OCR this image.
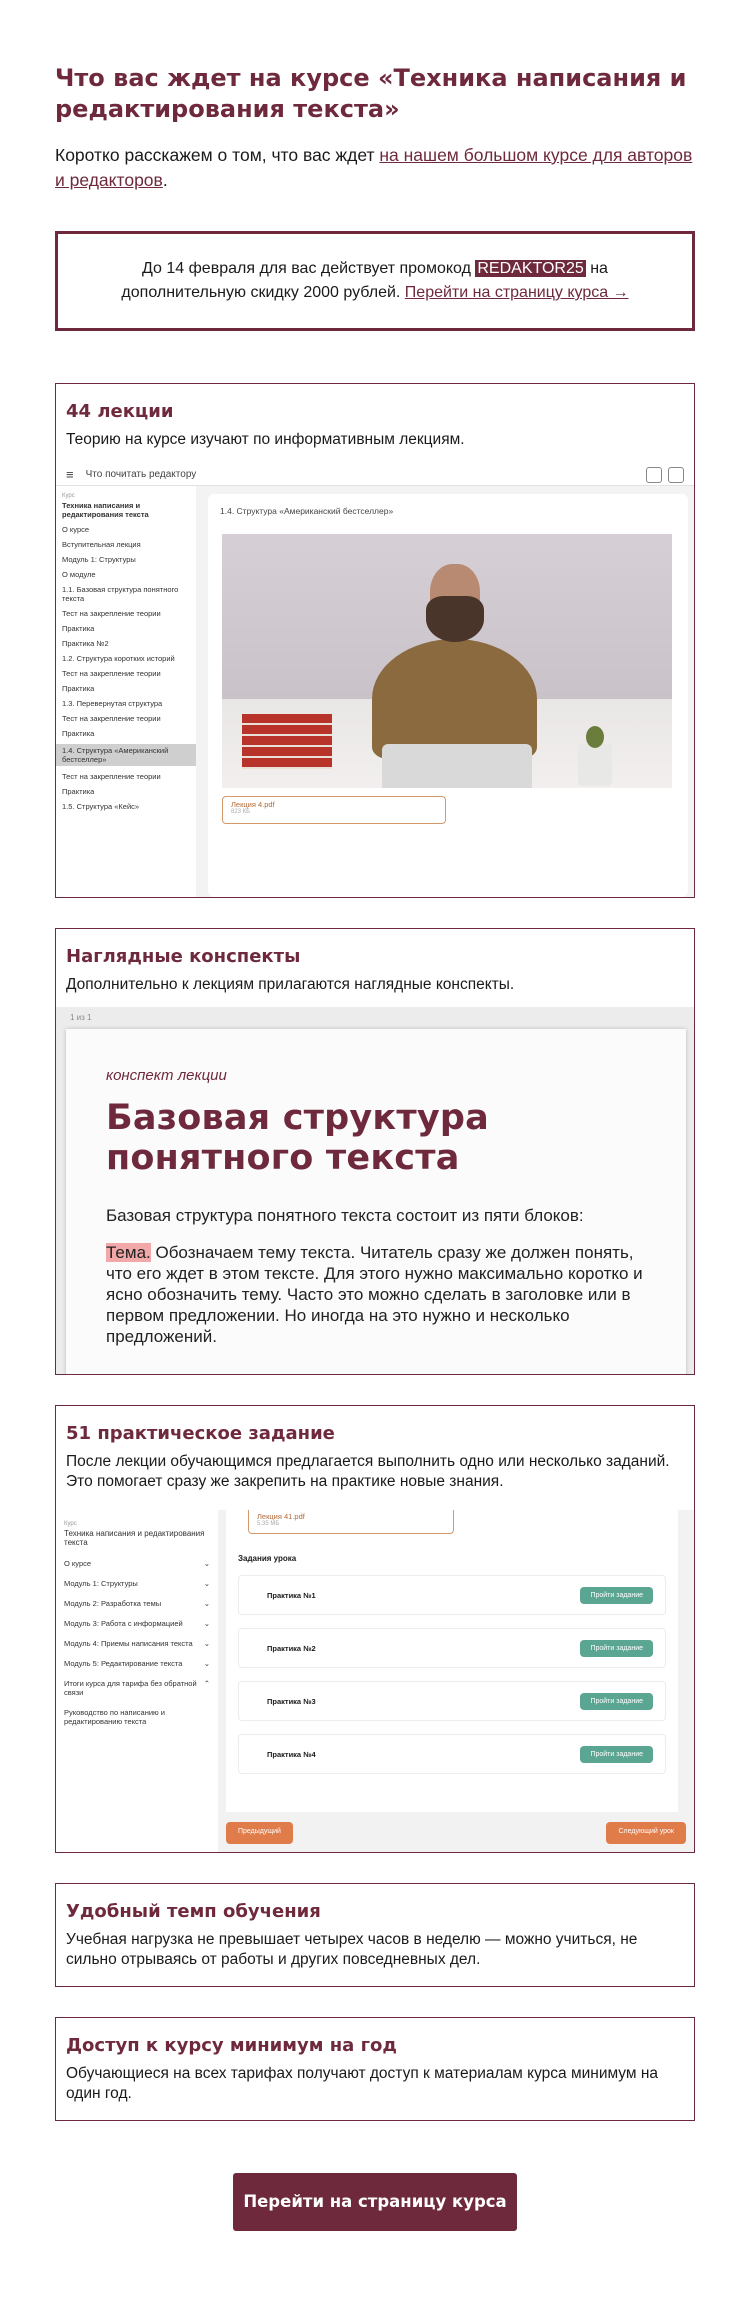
Что вас ждет на курсе «Техника написания и редактирования текста»

Коротко расскажем о том, что вас ждет на нашем большом курсе для авторов и редакторов.

До 14 февраля для вас действует промокод REDAKTOR25 на дополнительную скидку 2000 рублей. Перейти на страницу курса →
44 лекции
Теорию на курсе изучают по информативным лекциям.
≡ Что почитать редактору
Курс
Техника написания и редактирования текста
О курсе
Вступительная лекция
Модуль 1: Структуры
О модуле
1.1. Базовая структура понятного текста
Тест на закрепление теории
Практика
Практика №2
1.2. Структура коротких историй
Тест на закрепление теории
Практика
1.3. Перевернутая структура
Тест на закрепление теории
Практика
1.4. Структура «Американский бестселлер»
Тест на закрепление теории
Практика
1.5. Структура «Кейс»
1.4. Структура «Американский бестселлер»
Лекция 4.pdf
823 КБ
Наглядные конспекты
Дополнительно к лекциям прилагаются наглядные конспекты.
1 из 1
конспект лекции
Базовая структура понятного текста
Базовая структура понятного текста состоит из пяти блоков:
Тема. Обозначаем тему текста. Читатель сразу же должен понять, что его ждет в этом тексте. Для этого нужно максимально коротко и ясно обозначить тему. Часто это можно сделать в заголовке или в первом предложении. Но иногда на это нужно и несколько предложений.
51 практическое задание
После лекции обучающимся предлагается выполнить одно или несколько заданий. Это помогает сразу же закрепить на практике новые знания.
Курс
Техника написания и редактирования текста
О курсе	⌄
Модуль 1: Структуры	⌄
Модуль 2: Разработка темы	⌄
Модуль 3: Работа с информацией	⌄
Модуль 4: Приемы написания текста ⌄
Модуль 5: Редактирование текста	⌄
Итоги курса для тарифа без обратной связи
⌃
Руководство по написанию и редактированию текста
Лекция 41.pdf
5.35 МБ
Задания урока
Практика №1	Пройти задание
Практика №2	Пройти задание
Практика №3	Пройти задание
Практика №4	Пройти задание
Предыдущий	Следующий урок
Удобный темп обучения
Учебная нагрузка не превышает четырех часов в неделю — можно учиться, не сильно отрываясь от работы и других повседневных дел.
Доступ к курсу минимум на год
Обучающиеся на всех тарифах получают доступ к материалам курса минимум на один год.
Перейти на страницу курса
